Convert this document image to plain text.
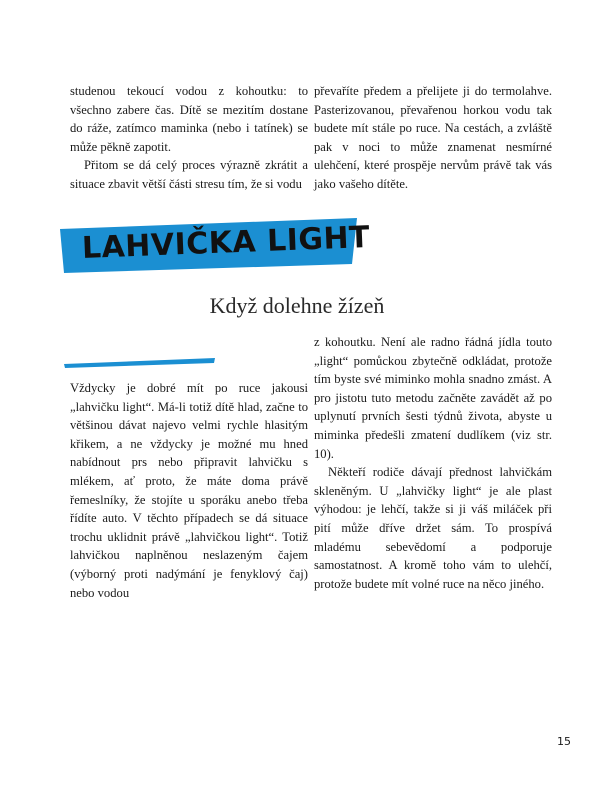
studenou tekoucí vodou z kohoutku: to všechno zabere čas. Dítě se mezitím dostane do ráže, zatímco maminka (nebo i tatínek) se může pěkně zapotit.

Přitom se dá celý proces výrazně zkrátit a situace zbavit větší části stresu tím, že si vodu

převaříte předem a přelijete ji do termolahve. Pasterizovanou, převařenou horkou vodu tak budete mít stále po ruce. Na cestách, a zvláště pak v noci to může znamenat nesmírné ulehčení, které prospěje nervům právě tak vás jako vašeho dítěte.

LAHVIČKA LIGHT
Když dolehne žízeň

Vždycky je dobré mít po ruce jakousi „lahvičku light“. Má-li totiž dítě hlad, začne to většinou dávat najevo velmi rychle hlasitým křikem, a ne vždycky je možné mu hned nabídnout prs nebo připravit lahvičku s mlékem, ať proto, že máte doma právě řemeslníky, že stojíte u sporáku anebo třeba řídíte auto. V těchto případech se dá situace trochu uklidnit právě „lahvičkou light“. Totiž lahvičkou naplněnou neslazeným čajem (výborný proti nadýmání je fenyklový čaj) nebo vodou

z kohoutku. Není ale radno řádná jídla touto „light“ pomůckou zbytečně odkládat, protože tím byste své miminko mohla snadno zmást. A pro jistotu tuto metodu začněte zavádět až po uplynutí prvních šesti týdnů života, abyste u miminka předešli zmatení dudlíkem (viz str. 10).

Někteří rodiče dávají přednost lahvičkám skleněným. U „lahvičky light“ je ale plast výhodou: je lehčí, takže si ji váš miláček při pití může dříve držet sám. To prospívá mladému sebevědomí a podporuje samostatnost. A kromě toho vám to ulehčí, protože budete mít volné ruce na něco jiného.

15
